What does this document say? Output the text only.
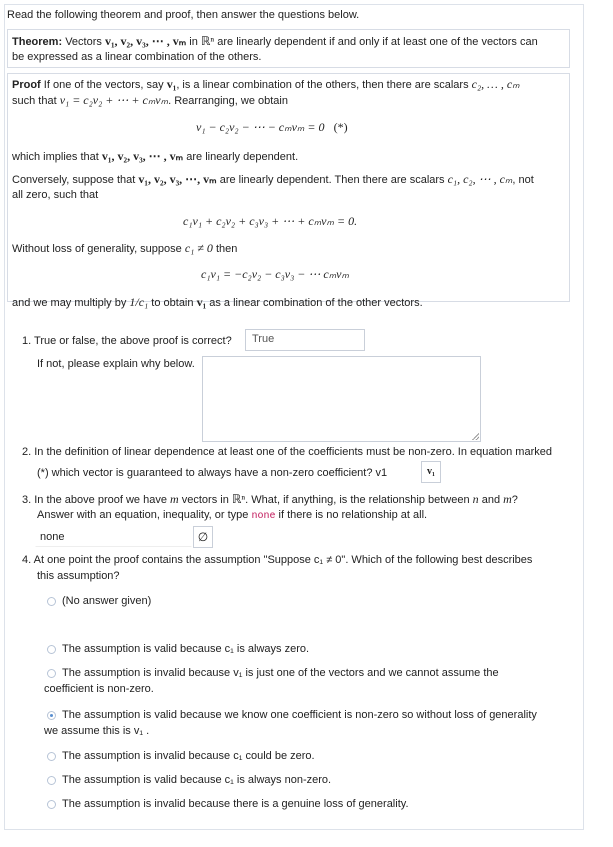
Read the following theorem and proof, then answer the questions below.
Theorem: Vectors v₁, v₂, v₃, ⋯ , vₘ in ℝⁿ are linearly dependent if and only if at least one of the vectors can
be expressed as a linear combination of the others.
Proof If one of the vectors, say v₁, is a linear combination of the others, then there are scalars c₂, … , cₘ
such that v₁ = c₂v₂ + ⋯ + cₘvₘ. Rearranging, we obtain
v₁ − c₂v₂ − ⋯ − cₘvₘ = 0 (*)
which implies that v₁, v₂, v₃, ⋯ , vₘ are linearly dependent.
Conversely, suppose that v₁, v₂, v₃, ⋯, vₘ are linearly dependent. Then there are scalars c₁, c₂, ⋯ , cₘ, not
all zero, such that
c₁v₁ + c₂v₂ + c₃v₃ + ⋯ + cₘvₘ = 0.
Without loss of generality, suppose c₁ ≠ 0 then
c₁v₁ = −c₂v₂ − c₃v₃ − ⋯ cₘvₘ
and we may multiply by 1/c₁ to obtain v₁ as a linear combination of the other vectors.
1. True or false, the above proof is correct?	True
If not, please explain why below.
2. In the definition of linear dependence at least one of the coefficients must be non-zero. In equation marked
(*) which vector is guaranteed to always have a non-zero coefficient? v1	v₁
3. In the above proof we have m vectors in ℝⁿ. What, if anything, is the relationship between n and m?
Answer with an equation, inequality, or type none if there is no relationship at all.
none	∅
4. At one point the proof contains the assumption "Suppose c₁ ≠ 0". Which of the following best describes
this assumption?
(No answer given)
The assumption is valid because c₁ is always zero.
The assumption is invalid because v₁ is just one of the vectors and we cannot assume the
coefficient is non-zero.
The assumption is valid because we know one coefficient is non-zero so without loss of generality
we assume this is v₁ .
The assumption is invalid because c₁ could be zero.
The assumption is valid because c₁ is always non-zero.
The assumption is invalid because there is a genuine loss of generality.
